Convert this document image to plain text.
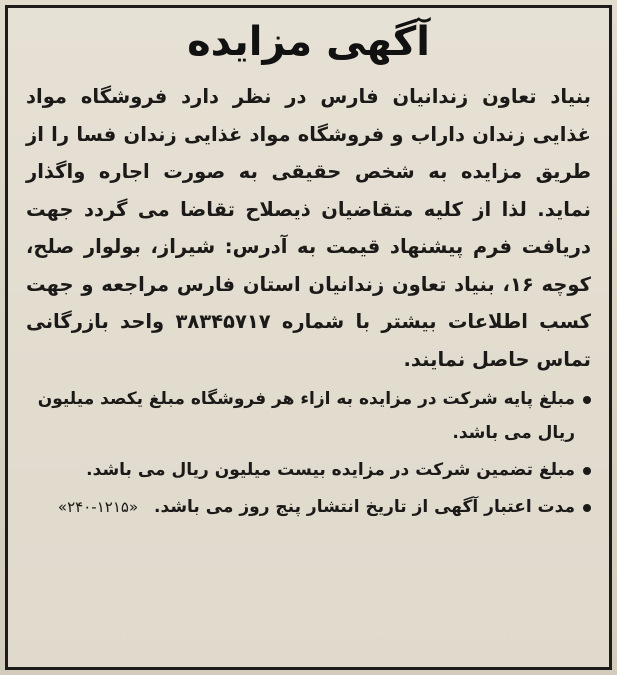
آگهی مزایده

بنیاد تعاون زندانیان فارس در نظر دارد فروشگاه مواد غذایی زندان داراب و فروشگاه مواد غذایی زندان فسا را از طریق مزایده به شخص حقیقی به صورت اجاره واگذار نماید. لذا از کلیه متقاضیان ذیصلاح تقاضا می گردد جهت دریافت فرم پیشنهاد قیمت به آدرس: شیراز، بولوار صلح، کوچه ۱۶، بنیاد تعاون زندانیان استان فارس مراجعه و جهت کسب اطلاعات بیشتر با شماره ۳۸۳۴۵۷۱۷ واحد بازرگانی تماس حاصل نمایند.

مبلغ پایه شرکت در مزایده به ازاء هر فروشگاه مبلغ یکصد میلیون ریال می باشد.
مبلغ تضمین شرکت در مزایده بیست میلیون ریال می باشد.
مدت اعتبار آگهی از تاریخ انتشار پنج روز می باشد. «۱۲۱۵-۲۴۰»
